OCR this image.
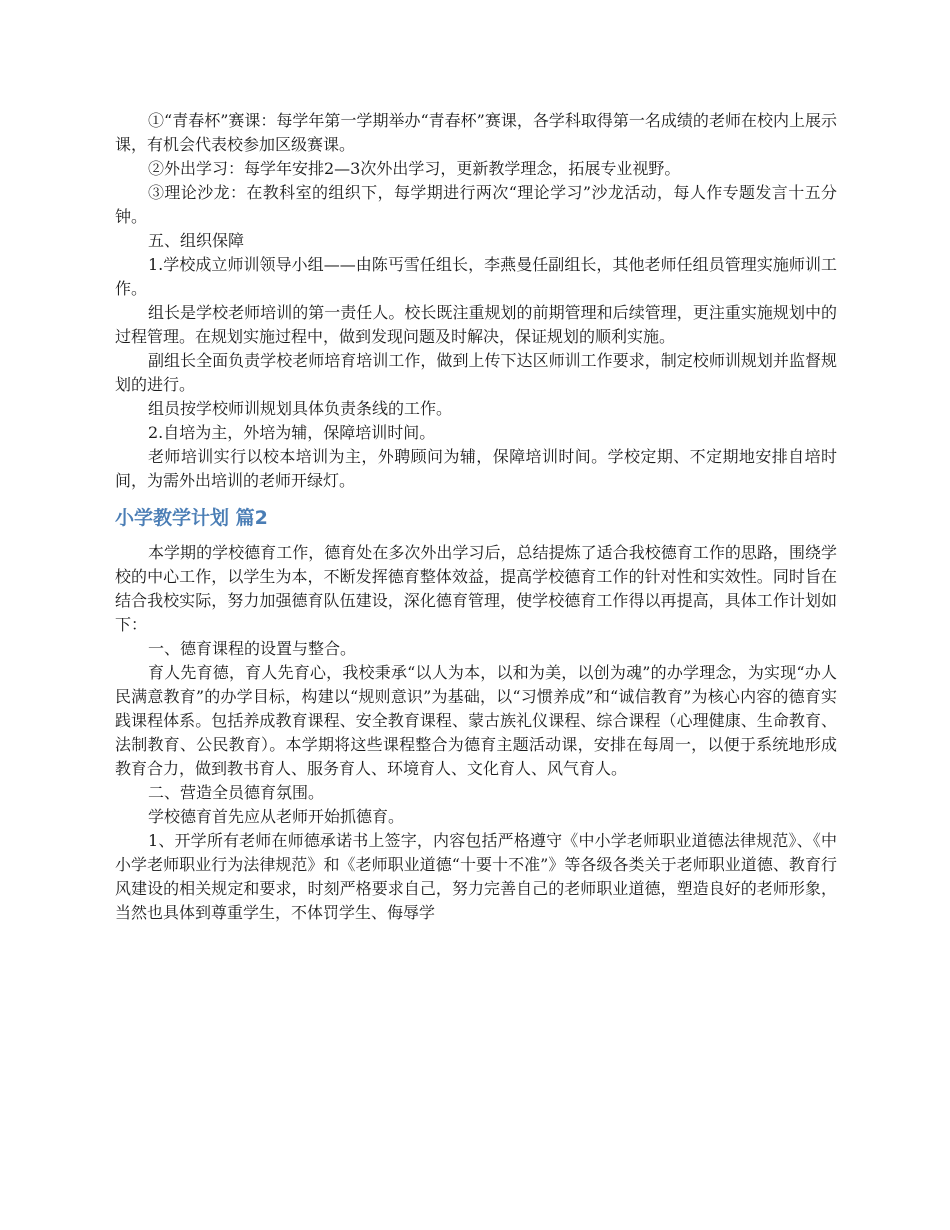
①“青春杯”赛课：每学年第一学期举办“青春杯”赛课，各学科取得第一名成绩的老师在校内上展示课，有机会代表校参加区级赛课。

②外出学习：每学年安排2—3次外出学习，更新教学理念，拓展专业视野。

③理论沙龙：在教科室的组织下，每学期进行两次“理论学习”沙龙活动，每人作专题发言十五分钟。

五、组织保障

1.学校成立师训领导小组——由陈丐雪任组长，李燕曼任副组长，其他老师任组员管理实施师训工作。

组长是学校老师培训的第一责任人。校长既注重规划的前期管理和后续管理，更注重实施规划中的过程管理。在规划实施过程中，做到发现问题及时解决，保证规划的顺利实施。

副组长全面负责学校老师培育培训工作，做到上传下达区师训工作要求，制定校师训规划并监督规划的进行。

组员按学校师训规划具体负责条线的工作。

2.自培为主，外培为辅，保障培训时间。

老师培训实行以校本培训为主，外聘顾问为辅，保障培训时间。学校定期、不定期地安排自培时间，为需外出培训的老师开绿灯。

小学教学计划 篇2

本学期的学校德育工作，德育处在多次外出学习后，总结提炼了适合我校德育工作的思路，围绕学校的中心工作，以学生为本，不断发挥德育整体效益，提高学校德育工作的针对性和实效性。同时旨在结合我校实际，努力加强德育队伍建设，深化德育管理，使学校德育工作得以再提高，具体工作计划如下：

一、德育课程的设置与整合。

育人先育德，育人先育心，我校秉承“以人为本，以和为美，以创为魂”的办学理念，为实现“办人民满意教育”的办学目标，构建以“规则意识”为基础，以“习惯养成”和“诚信教育”为核心内容的德育实践课程体系。包括养成教育课程、安全教育课程、蒙古族礼仪课程、综合课程（心理健康、生命教育、法制教育、公民教育）。本学期将这些课程整合为德育主题活动课，安排在每周一，以便于系统地形成教育合力，做到教书育人、服务育人、环境育人、文化育人、风气育人。

二、营造全员德育氛围。

学校德育首先应从老师开始抓德育。

1、开学所有老师在师德承诺书上签字，内容包括严格遵守《中小学老师职业道德法律规范》、《中小学老师职业行为法律规范》和《老师职业道德“十要十不准”》等各级各类关于老师职业道德、教育行风建设的相关规定和要求，时刻严格要求自己，努力完善自己的老师职业道德，塑造良好的老师形象，当然也具体到尊重学生，不体罚学生、侮辱学
